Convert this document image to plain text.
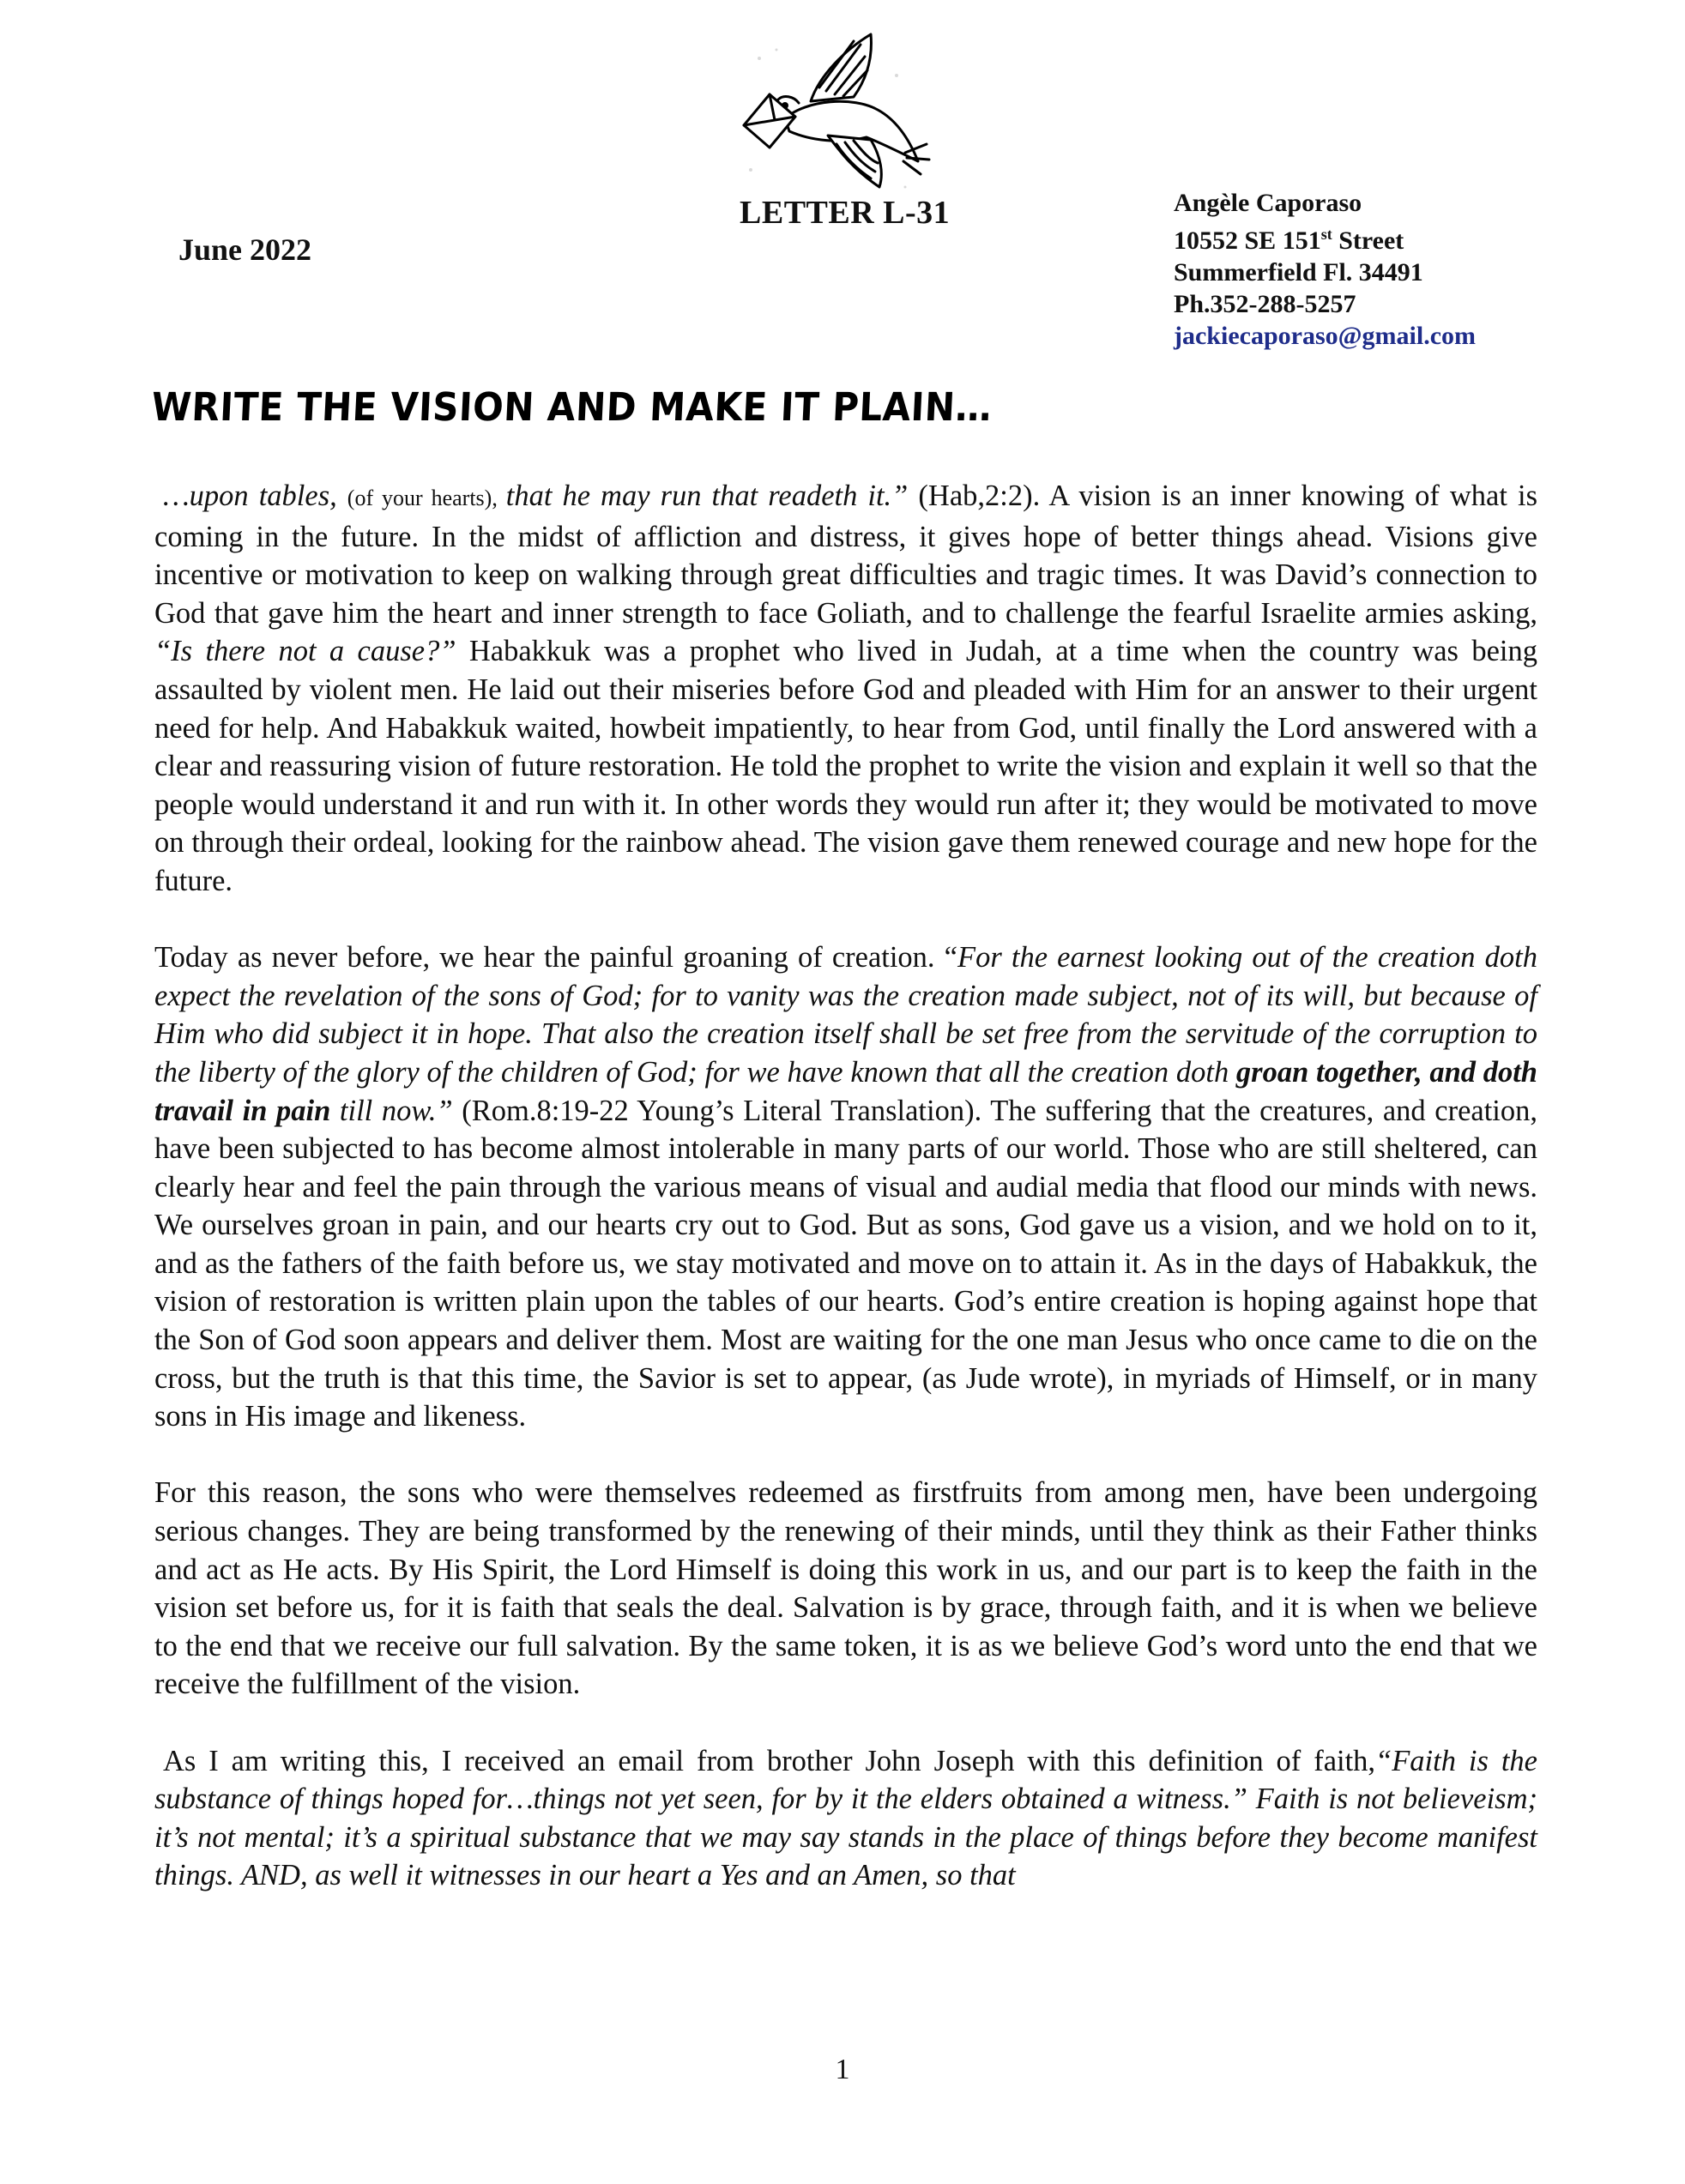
June 2022
LETTER L-31	Angèle Caporaso
10552 SE 151st Street
Summerfield Fl. 34491
Ph.352-288-5257
jackiecaporaso@gmail.com
WRITE THE VISION AND MAKE IT PLAIN…

…upon tables, (of your hearts), that he may run that readeth it.” (Hab,2:2). A vision is an inner knowing of what is coming in the future. In the midst of affliction and distress, it gives hope of better things ahead. Visions give incentive or motivation to keep on walking through great difficulties and tragic times. It was David’s connection to God that gave him the heart and inner strength to face Goliath, and to challenge the fearful Israelite armies asking, “Is there not a cause?” Habakkuk was a prophet who lived in Judah, at a time when the country was being assaulted by violent men. He laid out their miseries before God and pleaded with Him for an answer to their urgent need for help. And Habakkuk waited, howbeit impatiently, to hear from God, until finally the Lord answered with a clear and reassuring vision of future restoration. He told the prophet to write the vision and explain it well so that the people would understand it and run with it. In other words they would run after it; they would be motivated to move on through their ordeal, looking for the rainbow ahead. The vision gave them renewed courage and new hope for the future.

Today as never before, we hear the painful groaning of creation. “For the earnest looking out of the creation doth expect the revelation of the sons of God; for to vanity was the creation made subject, not of its will, but because of Him who did subject it in hope. That also the creation itself shall be set free from the servitude of the corruption to the liberty of the glory of the children of God; for we have known that all the creation doth groan together, and doth travail in pain till now.” (Rom.8:19-22 Young’s Literal Translation). The suffering that the creatures, and creation, have been subjected to has become almost intolerable in many parts of our world. Those who are still sheltered, can clearly hear and feel the pain through the various means of visual and audial media that flood our minds with news. We ourselves groan in pain, and our hearts cry out to God. But as sons, God gave us a vision, and we hold on to it, and as the fathers of the faith before us, we stay motivated and move on to attain it. As in the days of Habakkuk, the vision of restoration is written plain upon the tables of our hearts. God’s entire creation is hoping against hope that the Son of God soon appears and deliver them. Most are waiting for the one man Jesus who once came to die on the cross, but the truth is that this time, the Savior is set to appear, (as Jude wrote), in myriads of Himself, or in many sons in His image and likeness.

For this reason, the sons who were themselves redeemed as firstfruits from among men, have been undergoing serious changes. They are being transformed by the renewing of their minds, until they think as their Father thinks and act as He acts. By His Spirit, the Lord Himself is doing this work in us, and our part is to keep the faith in the vision set before us, for it is faith that seals the deal. Salvation is by grace, through faith, and it is when we believe to the end that we receive our full salvation. By the same token, it is as we believe God’s word unto the end that we receive the fulfillment of the vision.

As I am writing this, I received an email from brother John Joseph with this definition of faith,“Faith is the substance of things hoped for…things not yet seen, for by it the elders obtained a witness.” Faith is not believeism; it’s not mental; it’s a spiritual substance that we may say stands in the place of things before they become manifest things. AND, as well it witnesses in our heart a Yes and an Amen, so that

1
